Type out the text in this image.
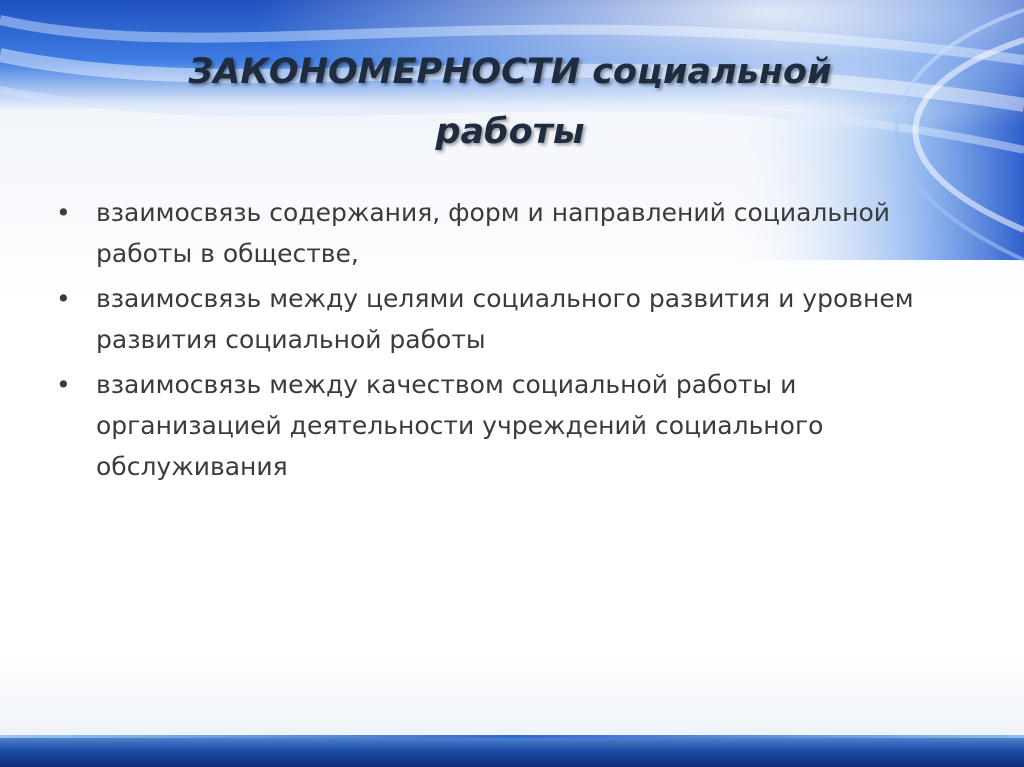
ЗАКОНОМЕРНОСТИ социальной работы
• взаимосвязь содержания, форм и направлений социальной работы в обществе,
• взаимосвязь между целями социального развития и уровнем развития социальной работы
• взаимосвязь между качеством социальной работы и организацией деятельности учреждений социального обслуживания
